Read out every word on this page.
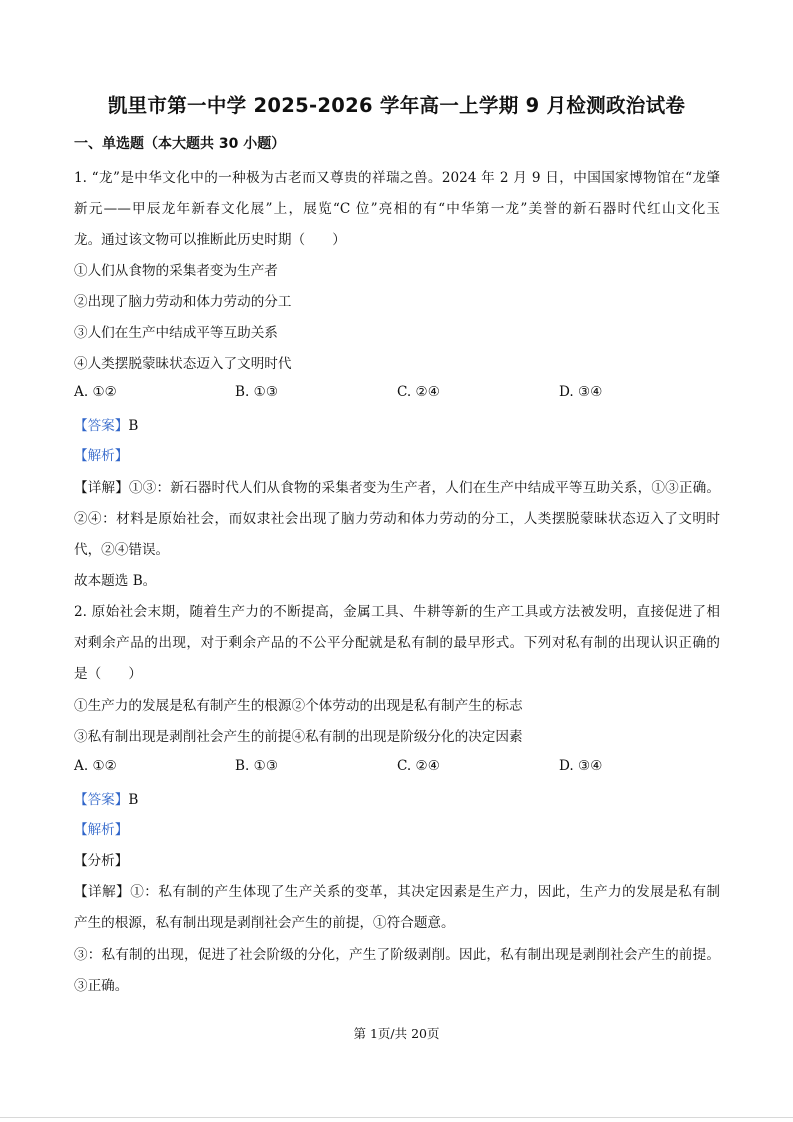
凯里市第一中学 2025-2026 学年高一上学期 9 月检测政治试卷
一、单选题（本大题共 30 小题）
1. “龙”是中华文化中的一种极为古老而又尊贵的祥瑞之兽。2024 年 2 月 9 日，中国国家博物馆在“龙肇
新元——甲辰龙年新春文化展”上，展览“C 位”亮相的有“中华第一龙”美誉的新石器时代红山文化玉
龙。通过该文物可以推断此历史时期（　　）
①人们从食物的采集者变为生产者
②出现了脑力劳动和体力劳动的分工
③人们在生产中结成平等互助关系
④人类摆脱蒙昧状态迈入了文明时代
A. ①②	B. ①③	C. ②④	D. ③④
【答案】B
【解析】
【详解】①③：新石器时代人们从食物的采集者变为生产者，人们在生产中结成平等互助关系，①③正确。
②④：材料是原始社会，而奴隶社会出现了脑力劳动和体力劳动的分工，人类摆脱蒙昧状态迈入了文明时
代，②④错误。
故本题选 B。
2. 原始社会末期，随着生产力的不断提高，金属工具、牛耕等新的生产工具或方法被发明，直接促进了相
对剩余产品的出现，对于剩余产品的不公平分配就是私有制的最早形式。下列对私有制的出现认识正确的
是（　　）
①生产力的发展是私有制产生的根源②个体劳动的出现是私有制产生的标志
③私有制出现是剥削社会产生的前提④私有制的出现是阶级分化的决定因素
A. ①②	B. ①③	C. ②④	D. ③④
【答案】B
【解析】
【分析】
【详解】①：私有制的产生体现了生产关系的变革，其决定因素是生产力，因此，生产力的发展是私有制
产生的根源，私有制出现是剥削社会产生的前提，①符合题意。
③：私有制的出现，促进了社会阶级的分化，产生了阶级剥削。因此，私有制出现是剥削社会产生的前提。
③正确。
第 1页/共 20页
